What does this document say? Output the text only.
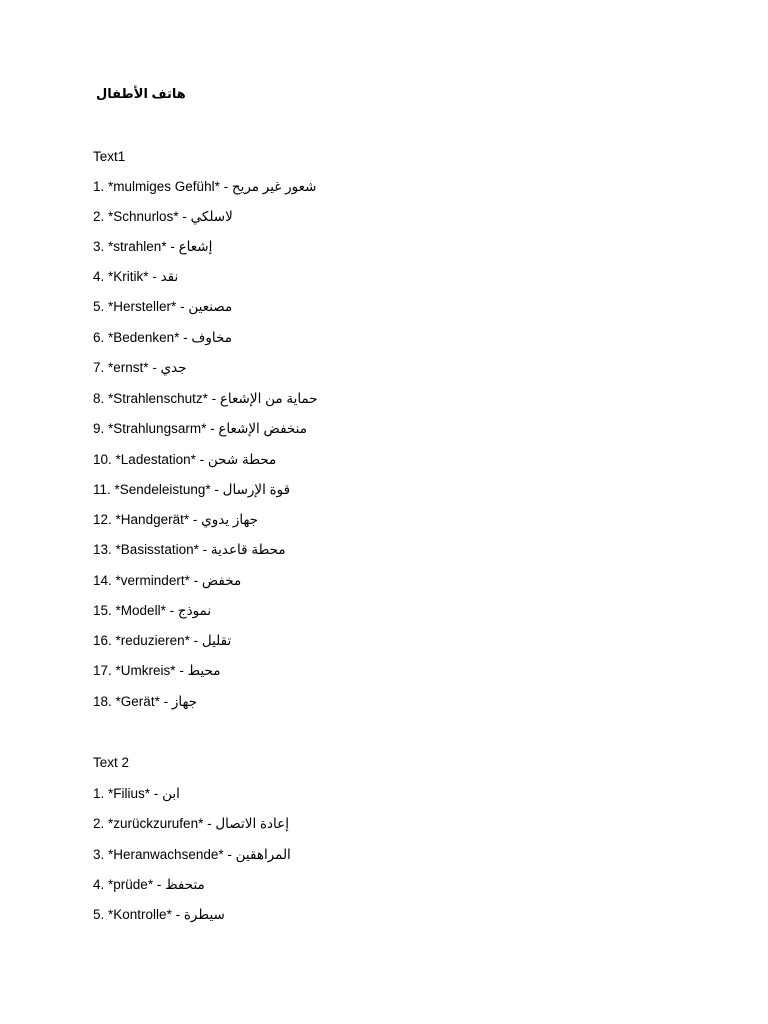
هاتف الأطفال
Text1
1. *mulmiges Gefühl* - شعور غير مريح
2. *Schnurlos* - لاسلكي
3. *strahlen* - إشعاع
4. *Kritik* - نقد
5. *Hersteller* - مصنعين
6. *Bedenken* - مخاوف
7. *ernst* - جدي
8. *Strahlenschutz* - حماية من الإشعاع
9. *Strahlungsarm* - منخفض الإشعاع
10. *Ladestation* - محطة شحن
11. *Sendeleistung* - قوة الإرسال
12. *Handgerät* - جهاز يدوي
13. *Basisstation* - محطة قاعدية
14. *vermindert* - مخفض
15. *Modell* - نموذج
16. *reduzieren* - تقليل
17. *Umkreis* - محيط
18. *Gerät* - جهاز
Text 2
1. *Filius* - ابن
2. *zurückzurufen* - إعادة الاتصال
3. *Heranwachsende* - المراهقين
4. *prüde* - متحفظ
5. *Kontrolle* - سيطرة
